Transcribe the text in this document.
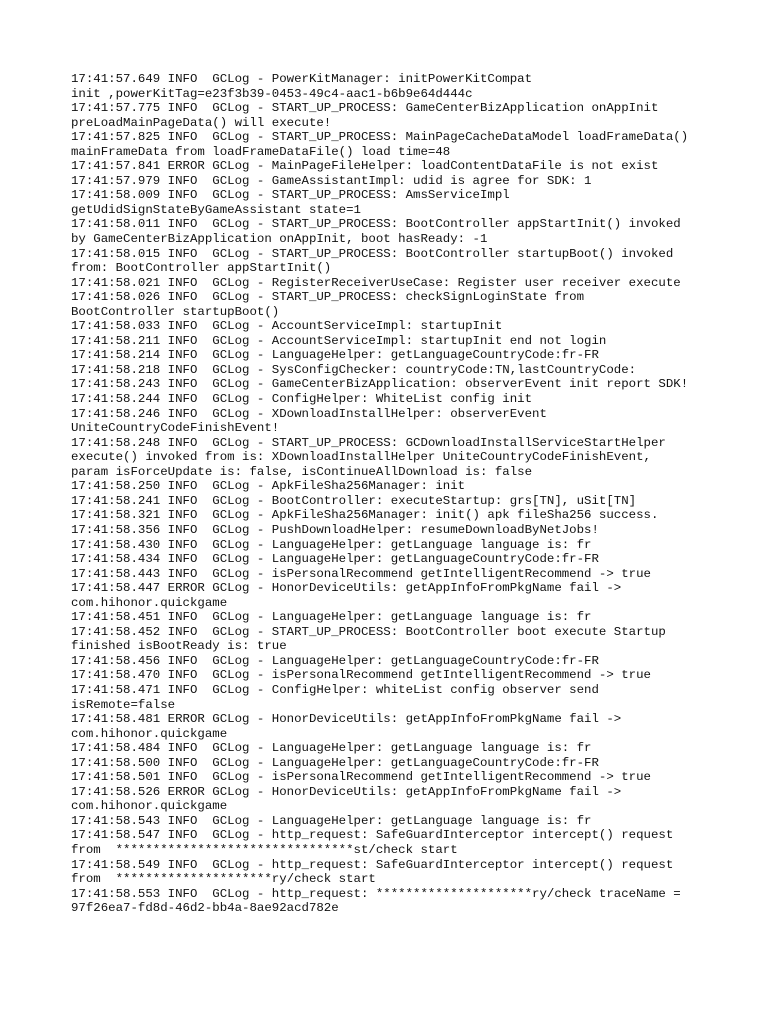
17:41:57.649 INFO  GCLog - PowerKitManager: initPowerKitCompat

init ,powerKitTag=e23f3b39-0453-49c4-aac1-b6b9e64d444c

17:41:57.775 INFO  GCLog - START_UP_PROCESS: GameCenterBizApplication onAppInit

preLoadMainPageData() will execute!

17:41:57.825 INFO  GCLog - START_UP_PROCESS: MainPageCacheDataModel loadFrameData()

mainFrameData from loadFrameDataFile() load time=48

17:41:57.841 ERROR GCLog - MainPageFileHelper: loadContentDataFile is not exist

17:41:57.979 INFO  GCLog - GameAssistantImpl: udid is agree for SDK: 1

17:41:58.009 INFO  GCLog - START_UP_PROCESS: AmsServiceImpl

getUdidSignStateByGameAssistant state=1

17:41:58.011 INFO  GCLog - START_UP_PROCESS: BootController appStartInit() invoked

by GameCenterBizApplication onAppInit, boot hasReady: -1

17:41:58.015 INFO  GCLog - START_UP_PROCESS: BootController startupBoot() invoked

from: BootController appStartInit()

17:41:58.021 INFO  GCLog - RegisterReceiverUseCase: Register user receiver execute

17:41:58.026 INFO  GCLog - START_UP_PROCESS: checkSignLoginState from

BootController startupBoot()

17:41:58.033 INFO  GCLog - AccountServiceImpl: startupInit

17:41:58.211 INFO  GCLog - AccountServiceImpl: startupInit end not login

17:41:58.214 INFO  GCLog - LanguageHelper: getLanguageCountryCode:fr-FR

17:41:58.218 INFO  GCLog - SysConfigChecker: countryCode:TN,lastCountryCode:

17:41:58.243 INFO  GCLog - GameCenterBizApplication: observerEvent init report SDK!

17:41:58.244 INFO  GCLog - ConfigHelper: WhiteList config init

17:41:58.246 INFO  GCLog - XDownloadInstallHelper: observerEvent

UniteCountryCodeFinishEvent!

17:41:58.248 INFO  GCLog - START_UP_PROCESS: GCDownloadInstallServiceStartHelper

execute() invoked from is: XDownloadInstallHelper UniteCountryCodeFinishEvent,

param isForceUpdate is: false, isContinueAllDownload is: false

17:41:58.250 INFO  GCLog - ApkFileSha256Manager: init

17:41:58.241 INFO  GCLog - BootController: executeStartup: grs[TN], uSit[TN]

17:41:58.321 INFO  GCLog - ApkFileSha256Manager: init() apk fileSha256 success.

17:41:58.356 INFO  GCLog - PushDownloadHelper: resumeDownloadByNetJobs!

17:41:58.430 INFO  GCLog - LanguageHelper: getLanguage language is: fr

17:41:58.434 INFO  GCLog - LanguageHelper: getLanguageCountryCode:fr-FR

17:41:58.443 INFO  GCLog - isPersonalRecommend getIntelligentRecommend -> true

17:41:58.447 ERROR GCLog - HonorDeviceUtils: getAppInfoFromPkgName fail ->

com.hihonor.quickgame

17:41:58.451 INFO  GCLog - LanguageHelper: getLanguage language is: fr

17:41:58.452 INFO  GCLog - START_UP_PROCESS: BootController boot execute Startup

finished isBootReady is: true

17:41:58.456 INFO  GCLog - LanguageHelper: getLanguageCountryCode:fr-FR

17:41:58.470 INFO  GCLog - isPersonalRecommend getIntelligentRecommend -> true

17:41:58.471 INFO  GCLog - ConfigHelper: whiteList config observer send

isRemote=false

17:41:58.481 ERROR GCLog - HonorDeviceUtils: getAppInfoFromPkgName fail ->

com.hihonor.quickgame

17:41:58.484 INFO  GCLog - LanguageHelper: getLanguage language is: fr

17:41:58.500 INFO  GCLog - LanguageHelper: getLanguageCountryCode:fr-FR

17:41:58.501 INFO  GCLog - isPersonalRecommend getIntelligentRecommend -> true

17:41:58.526 ERROR GCLog - HonorDeviceUtils: getAppInfoFromPkgName fail ->

com.hihonor.quickgame

17:41:58.543 INFO  GCLog - LanguageHelper: getLanguage language is: fr

17:41:58.547 INFO  GCLog - http_request: SafeGuardInterceptor intercept() request

from  ********************************st/check start

17:41:58.549 INFO  GCLog - http_request: SafeGuardInterceptor intercept() request

from  *********************ry/check start

17:41:58.553 INFO  GCLog - http_request: *********************ry/check traceName =

97f26ea7-fd8d-46d2-bb4a-8ae92acd782e
